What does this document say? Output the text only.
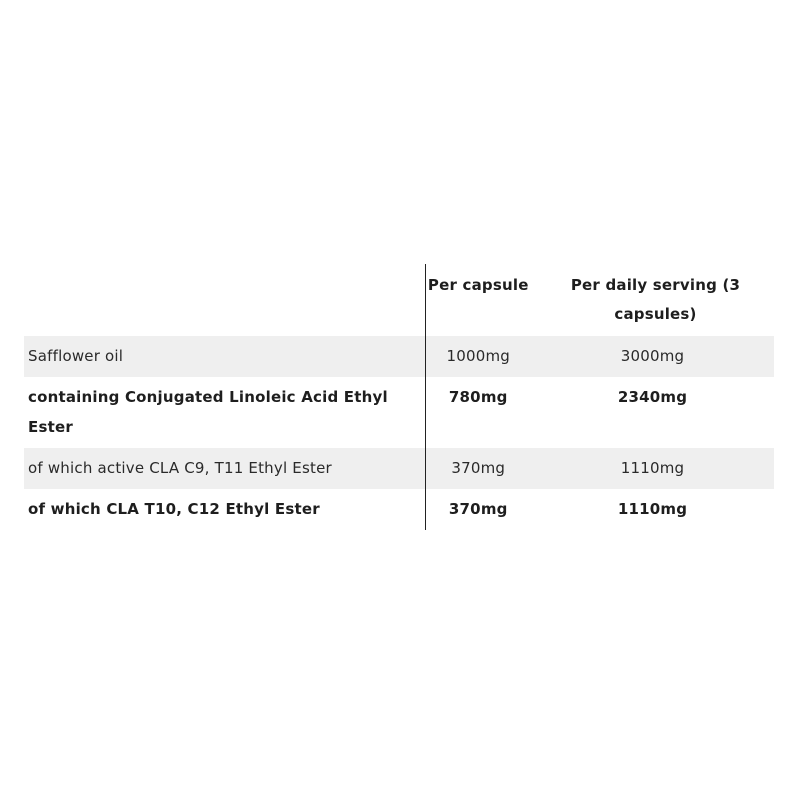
	Per capsule	Per daily serving (3 capsules)
Safflower oil	1000mg	3000mg
containing Conjugated Linoleic Acid Ethyl Ester	780mg	2340mg
of which active CLA C9, T11 Ethyl Ester	370mg	1110mg
of which CLA T10, C12 Ethyl Ester	370mg	1110mg
